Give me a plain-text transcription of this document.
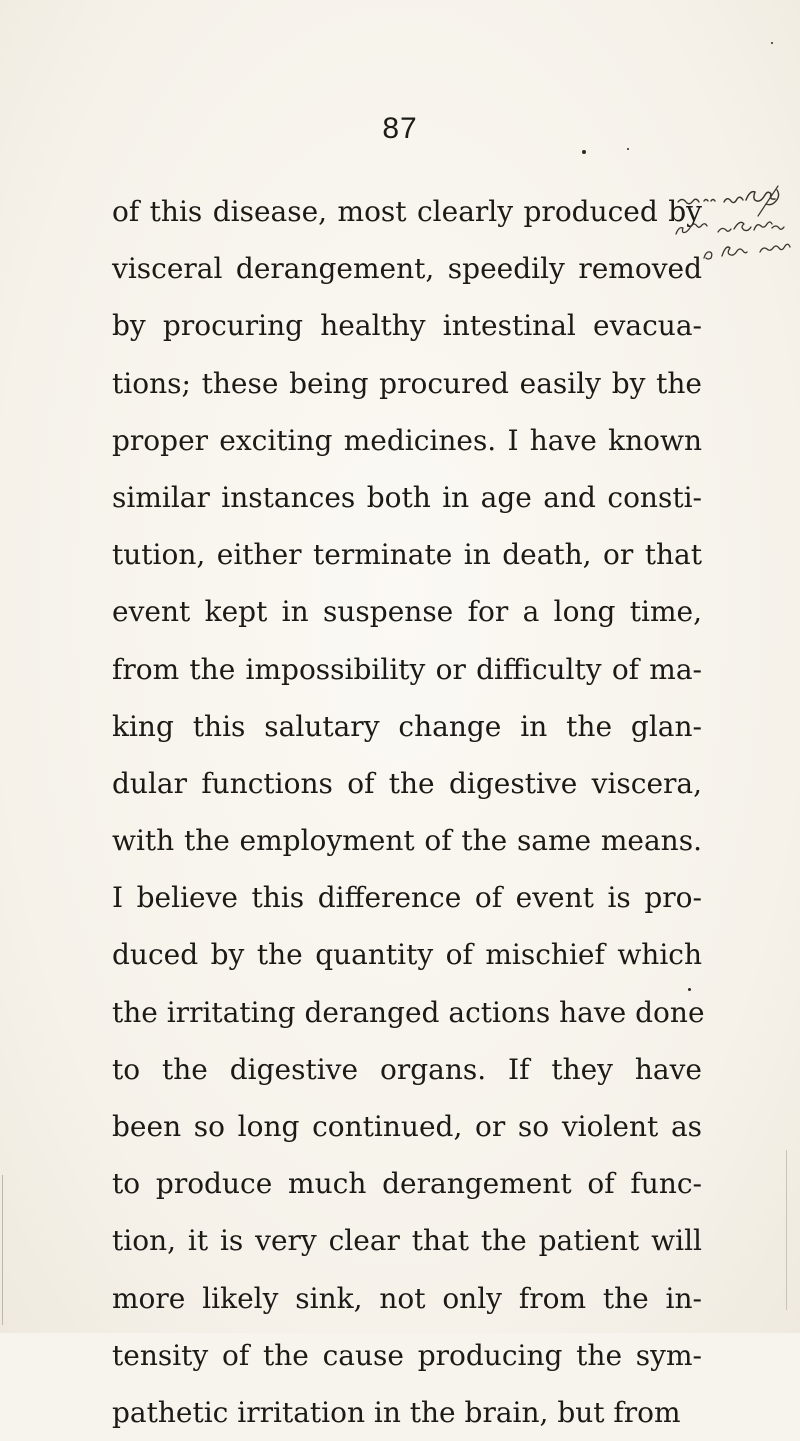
87
of this disease, most clearly produced by
visceral derangement, speedily removed
by procuring healthy intestinal evacua-
tions; these being procured easily by the
proper exciting medicines. I have known
similar instances both in age and consti-
tution, either terminate in death, or that
event kept in suspense for a long time,
from the impossibility or difficulty of ma-
king this salutary change in the glan-
dular functions of the digestive viscera,
with the employment of the same means.
I believe this difference of event is pro-
duced by the quantity of mischief which
the irritating deranged actions have done
to the digestive organs. If they have
been so long continued, or so violent as
to produce much derangement of func-
tion, it is very clear that the patient will
more likely sink, not only from the in-
tensity of the cause producing the sym-
pathetic irritation in the brain, but from
